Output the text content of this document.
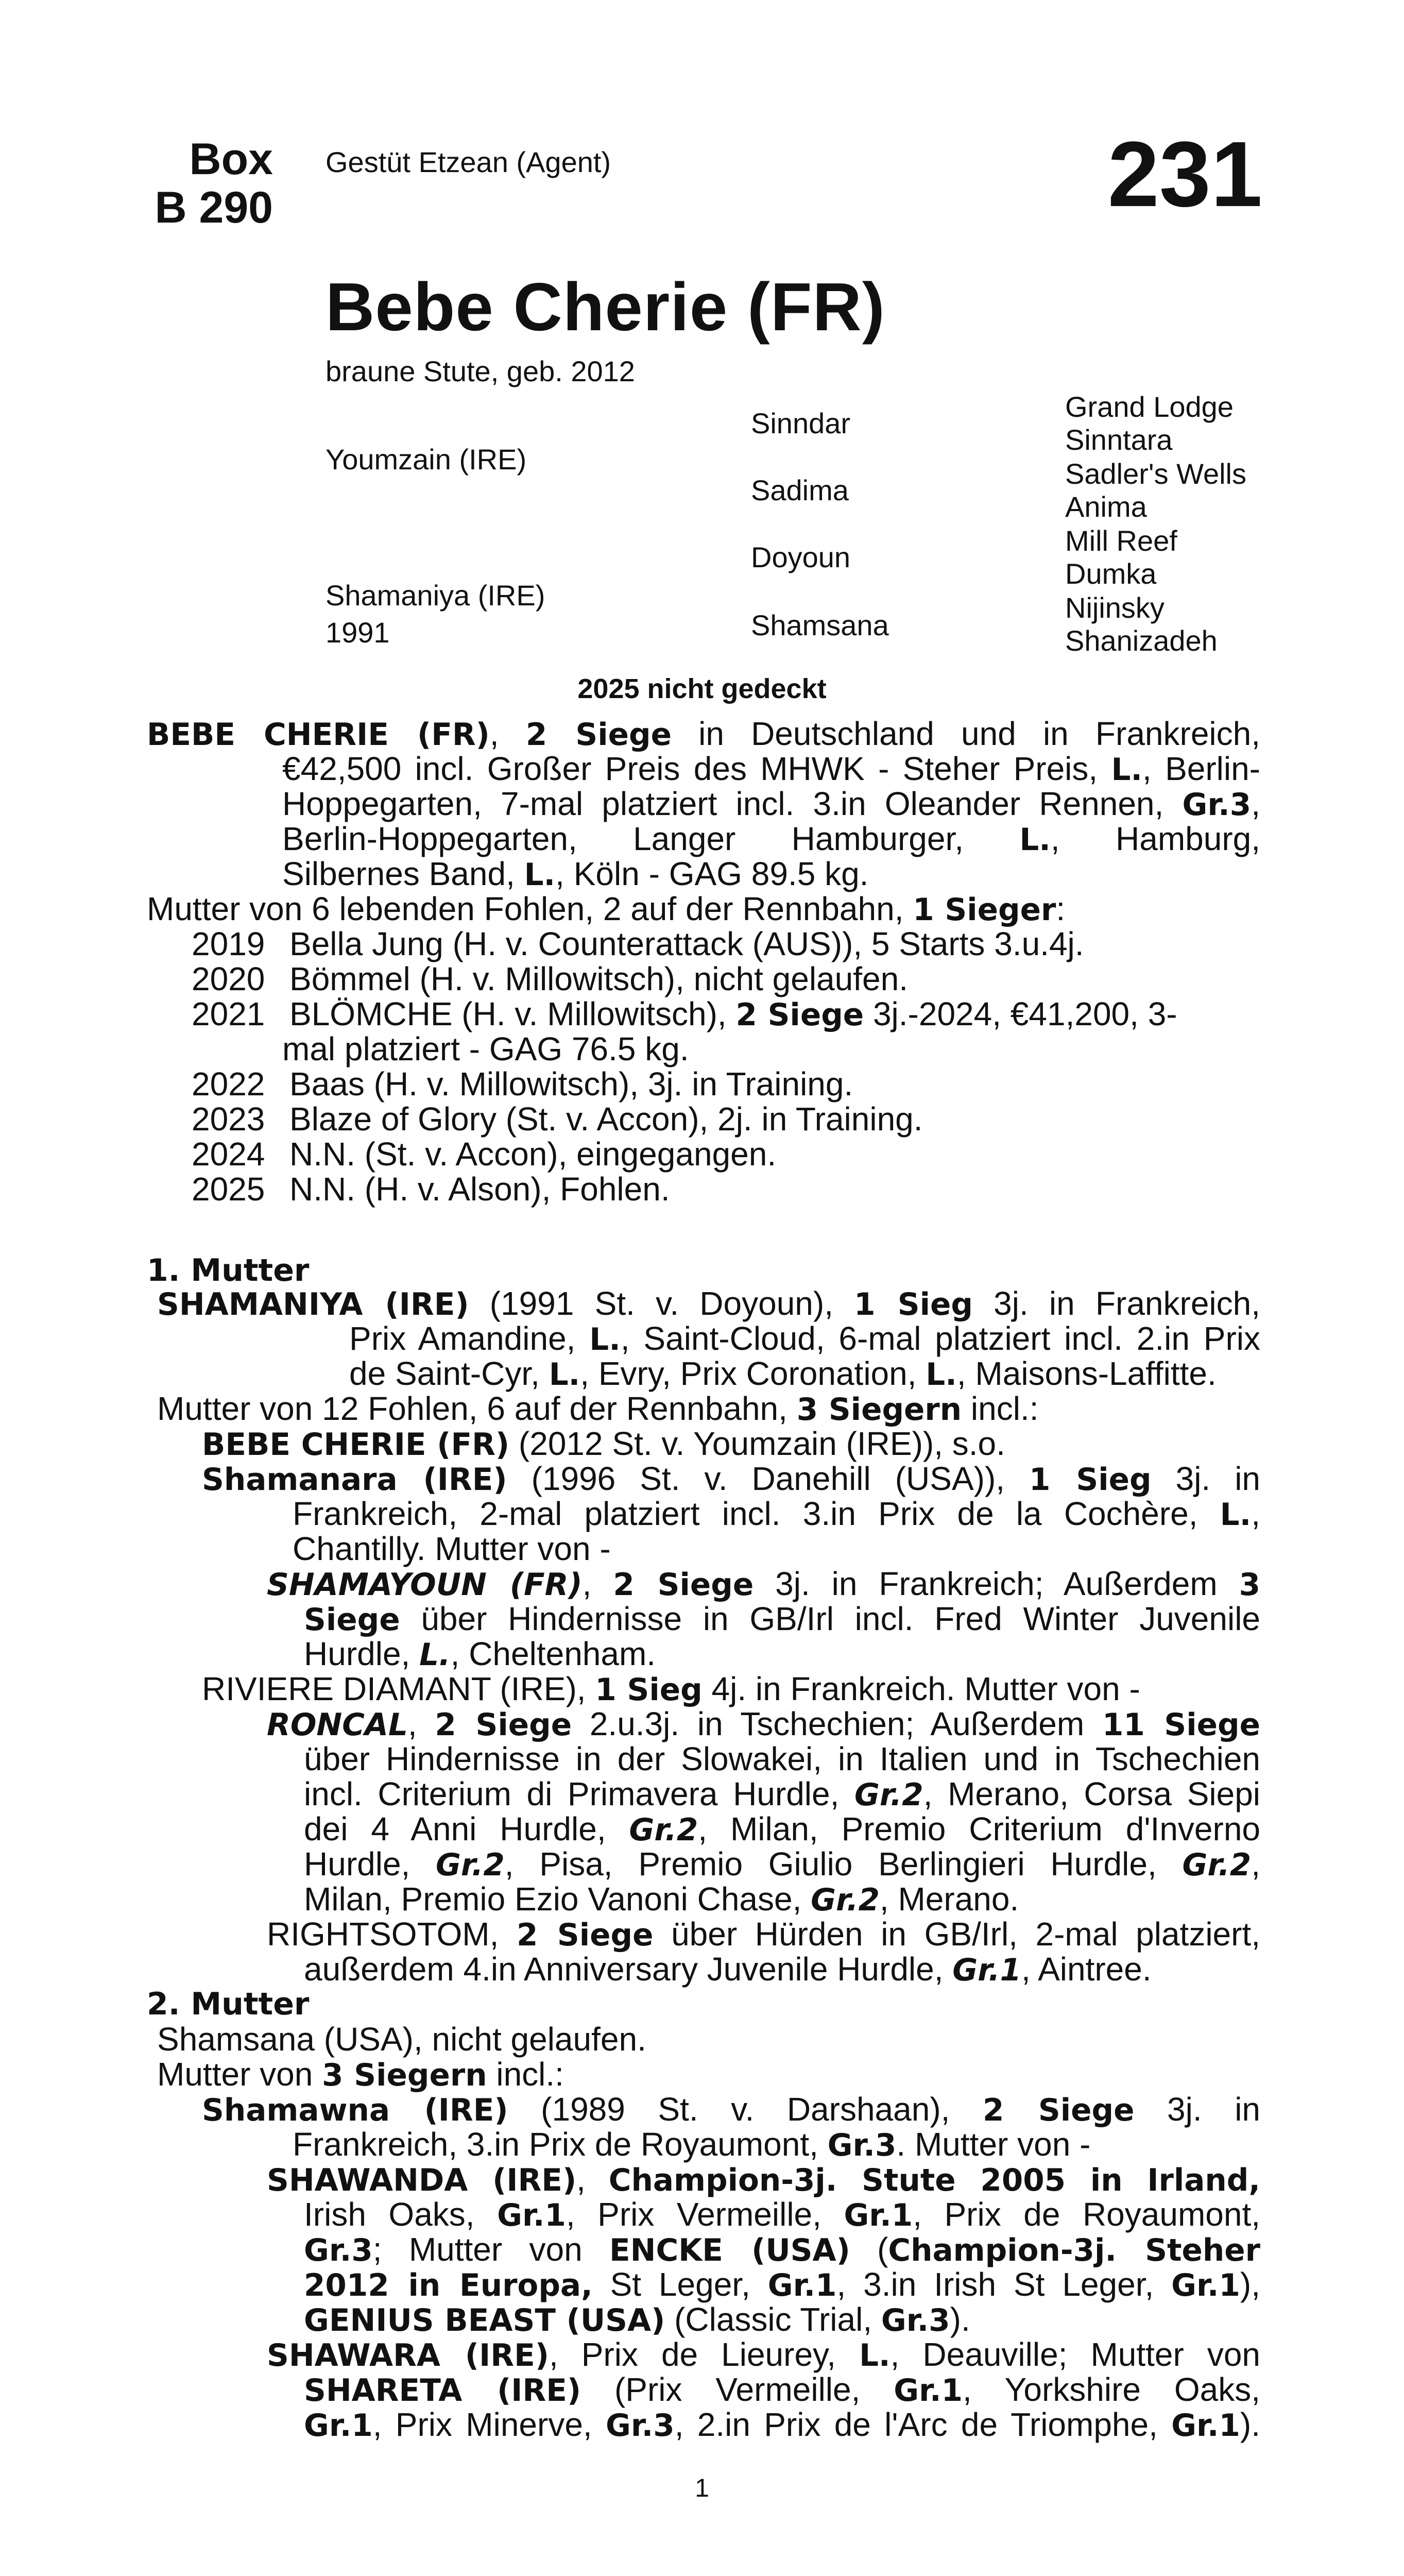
Box
B 290
Gestüt Etzean (Agent)	231
Bebe Cherie (FR)
braune Stute, geb. 2012
Youmzain (IRE)
Shamaniya (IRE)
1991
Sinndar
Sadima
Doyoun
Shamsana
Grand Lodge
Sinntara
Sadler's Wells
Anima
Mill Reef
Dumka
Nijinsky
Shanizadeh
2025 nicht gedeckt
BEBE CHERIE (FR), 2 Siege in Deutschland und in Frankreich,
€42,500 incl. Großer Preis des MHWK - Steher Preis, L., Berlin-
Hoppegarten, 7-mal platziert incl. 3.in Oleander Rennen, Gr.3,
Berlin-Hoppegarten, Langer Hamburger, L., Hamburg,
Silbernes Band, L., Köln - GAG 89.5 kg.
Mutter von 6 lebenden Fohlen, 2 auf der Rennbahn, 1 Sieger:
2019 Bella Jung (H. v. Counterattack (AUS)), 5 Starts 3.u.4j.
2020 Bömmel (H. v. Millowitsch), nicht gelaufen.
2021 BLÖMCHE (H. v. Millowitsch), 2 Siege 3j.-2024, €41,200, 3-
mal platziert - GAG 76.5 kg.
2022 Baas (H. v. Millowitsch), 3j. in Training.
2023 Blaze of Glory (St. v. Accon), 2j. in Training.
2024 N.N. (St. v. Accon), eingegangen.
2025 N.N. (H. v. Alson), Fohlen.
1. Mutter
SHAMANIYA (IRE) (1991 St. v. Doyoun), 1 Sieg 3j. in Frankreich,
Prix Amandine, L., Saint-Cloud, 6-mal platziert incl. 2.in Prix
de Saint-Cyr, L., Evry, Prix Coronation, L., Maisons-Laffitte.
Mutter von 12 Fohlen, 6 auf der Rennbahn, 3 Siegern incl.:
BEBE CHERIE (FR) (2012 St. v. Youmzain (IRE)), s.o.
Shamanara (IRE) (1996 St. v. Danehill (USA)), 1 Sieg 3j. in
Frankreich, 2-mal platziert incl. 3.in Prix de la Cochère, L.,
Chantilly. Mutter von -
SHAMAYOUN (FR), 2 Siege 3j. in Frankreich; Außerdem 3
Siege über Hindernisse in GB/Irl incl. Fred Winter Juvenile
Hurdle, L., Cheltenham.
RIVIERE DIAMANT (IRE), 1 Sieg 4j. in Frankreich. Mutter von -
RONCAL, 2 Siege 2.u.3j. in Tschechien; Außerdem 11 Siege
über Hindernisse in der Slowakei, in Italien und in Tschechien
incl. Criterium di Primavera Hurdle, Gr.2, Merano, Corsa Siepi
dei 4 Anni Hurdle, Gr.2, Milan, Premio Criterium d'Inverno
Hurdle, Gr.2, Pisa, Premio Giulio Berlingieri Hurdle, Gr.2,
Milan, Premio Ezio Vanoni Chase, Gr.2, Merano.
RIGHTSOTOM, 2 Siege über Hürden in GB/Irl, 2-mal platziert,
außerdem 4.in Anniversary Juvenile Hurdle, Gr.1, Aintree.
2. Mutter
Shamsana (USA), nicht gelaufen.
Mutter von 3 Siegern incl.:
Shamawna (IRE) (1989 St. v. Darshaan), 2 Siege 3j. in
Frankreich, 3.in Prix de Royaumont, Gr.3. Mutter von -
SHAWANDA (IRE), Champion-3j. Stute 2005 in Irland,
Irish Oaks, Gr.1, Prix Vermeille, Gr.1, Prix de Royaumont,
Gr.3; Mutter von ENCKE (USA) (Champion-3j. Steher
2012 in Europa, St Leger, Gr.1, 3.in Irish St Leger, Gr.1),
GENIUS BEAST (USA) (Classic Trial, Gr.3).
SHAWARA (IRE), Prix de Lieurey, L., Deauville; Mutter von
SHARETA (IRE) (Prix Vermeille, Gr.1, Yorkshire Oaks,
Gr.1, Prix Minerve, Gr.3, 2.in Prix de l'Arc de Triomphe, Gr.1).
1
